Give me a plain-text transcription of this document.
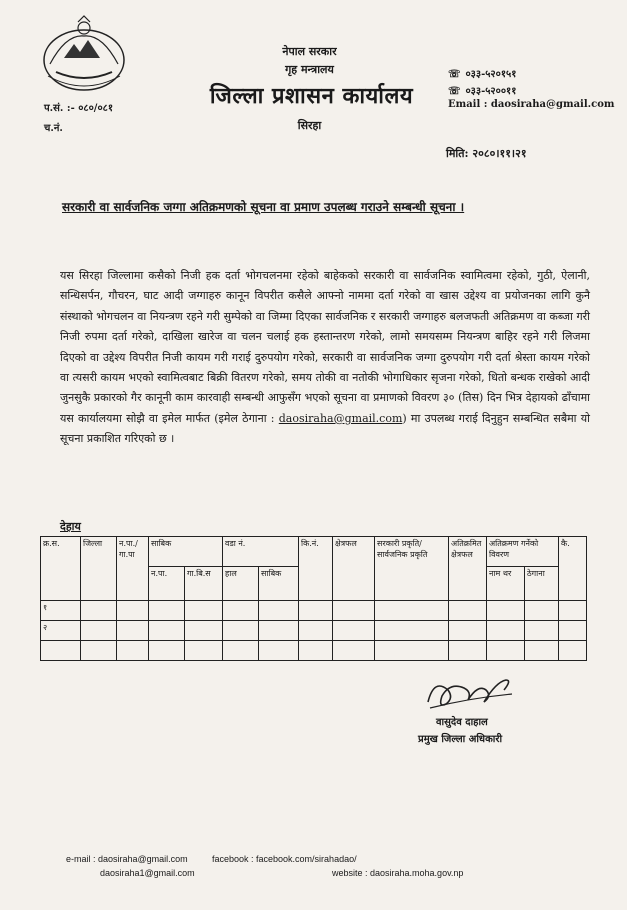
प.सं. :- ०८०/०८१
च.नं.
नेपाल सरकार
गृह मन्त्रालय
जिल्ला प्रशासन कार्यालय
सिरहा
☏ ०३३-५२०१५१
☏ ०३३-५२००११
Email : daosiraha@gmail.com
मिति: २०८०।११।२१
सरकारी वा सार्वजनिक जग्गा अतिक्रमणको सूचना वा प्रमाण उपलब्ध गराउने सम्बन्धी सूचना ।
यस सिरहा जिल्लामा कसैको निजी हक दर्ता भोगचलनमा रहेको बाहेकको सरकारी वा सार्वजनिक स्वामित्वमा रहेको, गुठी, ऐलानी, सन्धिसर्पन, गौचरन, घाट आदी जग्गाहरु कानून विपरीत कसैले आफ्नो नाममा दर्ता गरेको वा खास उद्देश्य वा प्रयोजनका लागि कुनै संस्थाको भोगचलन वा नियन्त्रण रहने गरी सुम्पेको वा जिम्मा दिएका सार्वजनिक र सरकारी जग्गाहरु बलजफती अतिक्रमण वा कब्जा गरी निजी रुपमा दर्ता गरेको, दाखिला खारेज वा चलन चलाई हक हस्तान्तरण गरेको, लामो समयसम्म नियन्त्रण बाहिर रहने गरी लिजमा दिएको वा उद्देश्य विपरीत निजी कायम गरी गराई दुरुपयोग गरेको, सरकारी वा सार्वजनिक जग्गा दुरुपयोग गरी दर्ता श्रेस्ता कायम गरेको वा त्यसरी कायम भएको स्वामित्वबाट बिक्री वितरण गरेको, समय तोकी वा नतोकी भोगाधिकार सृजना गरेको, धितो बन्धक राखेको आदी जुनसुकै प्रकारको गैर कानूनी काम कारवाही सम्बन्धी आफुसँग भएको सूचना वा प्रमाणको विवरण ३० (तिस) दिन भित्र देहायको ढाँचामा यस कार्यालयमा सोझै वा इमेल मार्फत (इमेल ठेगाना : daosiraha@gmail.com) मा उपलब्ध गराई दिनुहुन सम्बन्धित सबैमा यो सूचना प्रकाशित गरिएको छ ।
देहाय
क्र.स.	जिल्ला	न.पा./ गा.पा	साबिक		वडा नं.		कि.नं.	क्षेत्रफल	सरकारी प्रकृति/सार्वजनिक प्रकृति	अतिक्रमित क्षेत्रफल	अतिक्रमण गर्नेको विवरण		कै.
			न.पा.	गा.बि.स	हाल	साबिक					नाम थर	ठेगाना	
१													
२													

वासुदेव दाहाल
प्रमुख जिल्ला अधिकारी
e-mail : daosiraha@gmail.com
daosiraha1@gmail.com
facebook : facebook.com/sirahadao/
website : daosiraha.moha.gov.np
